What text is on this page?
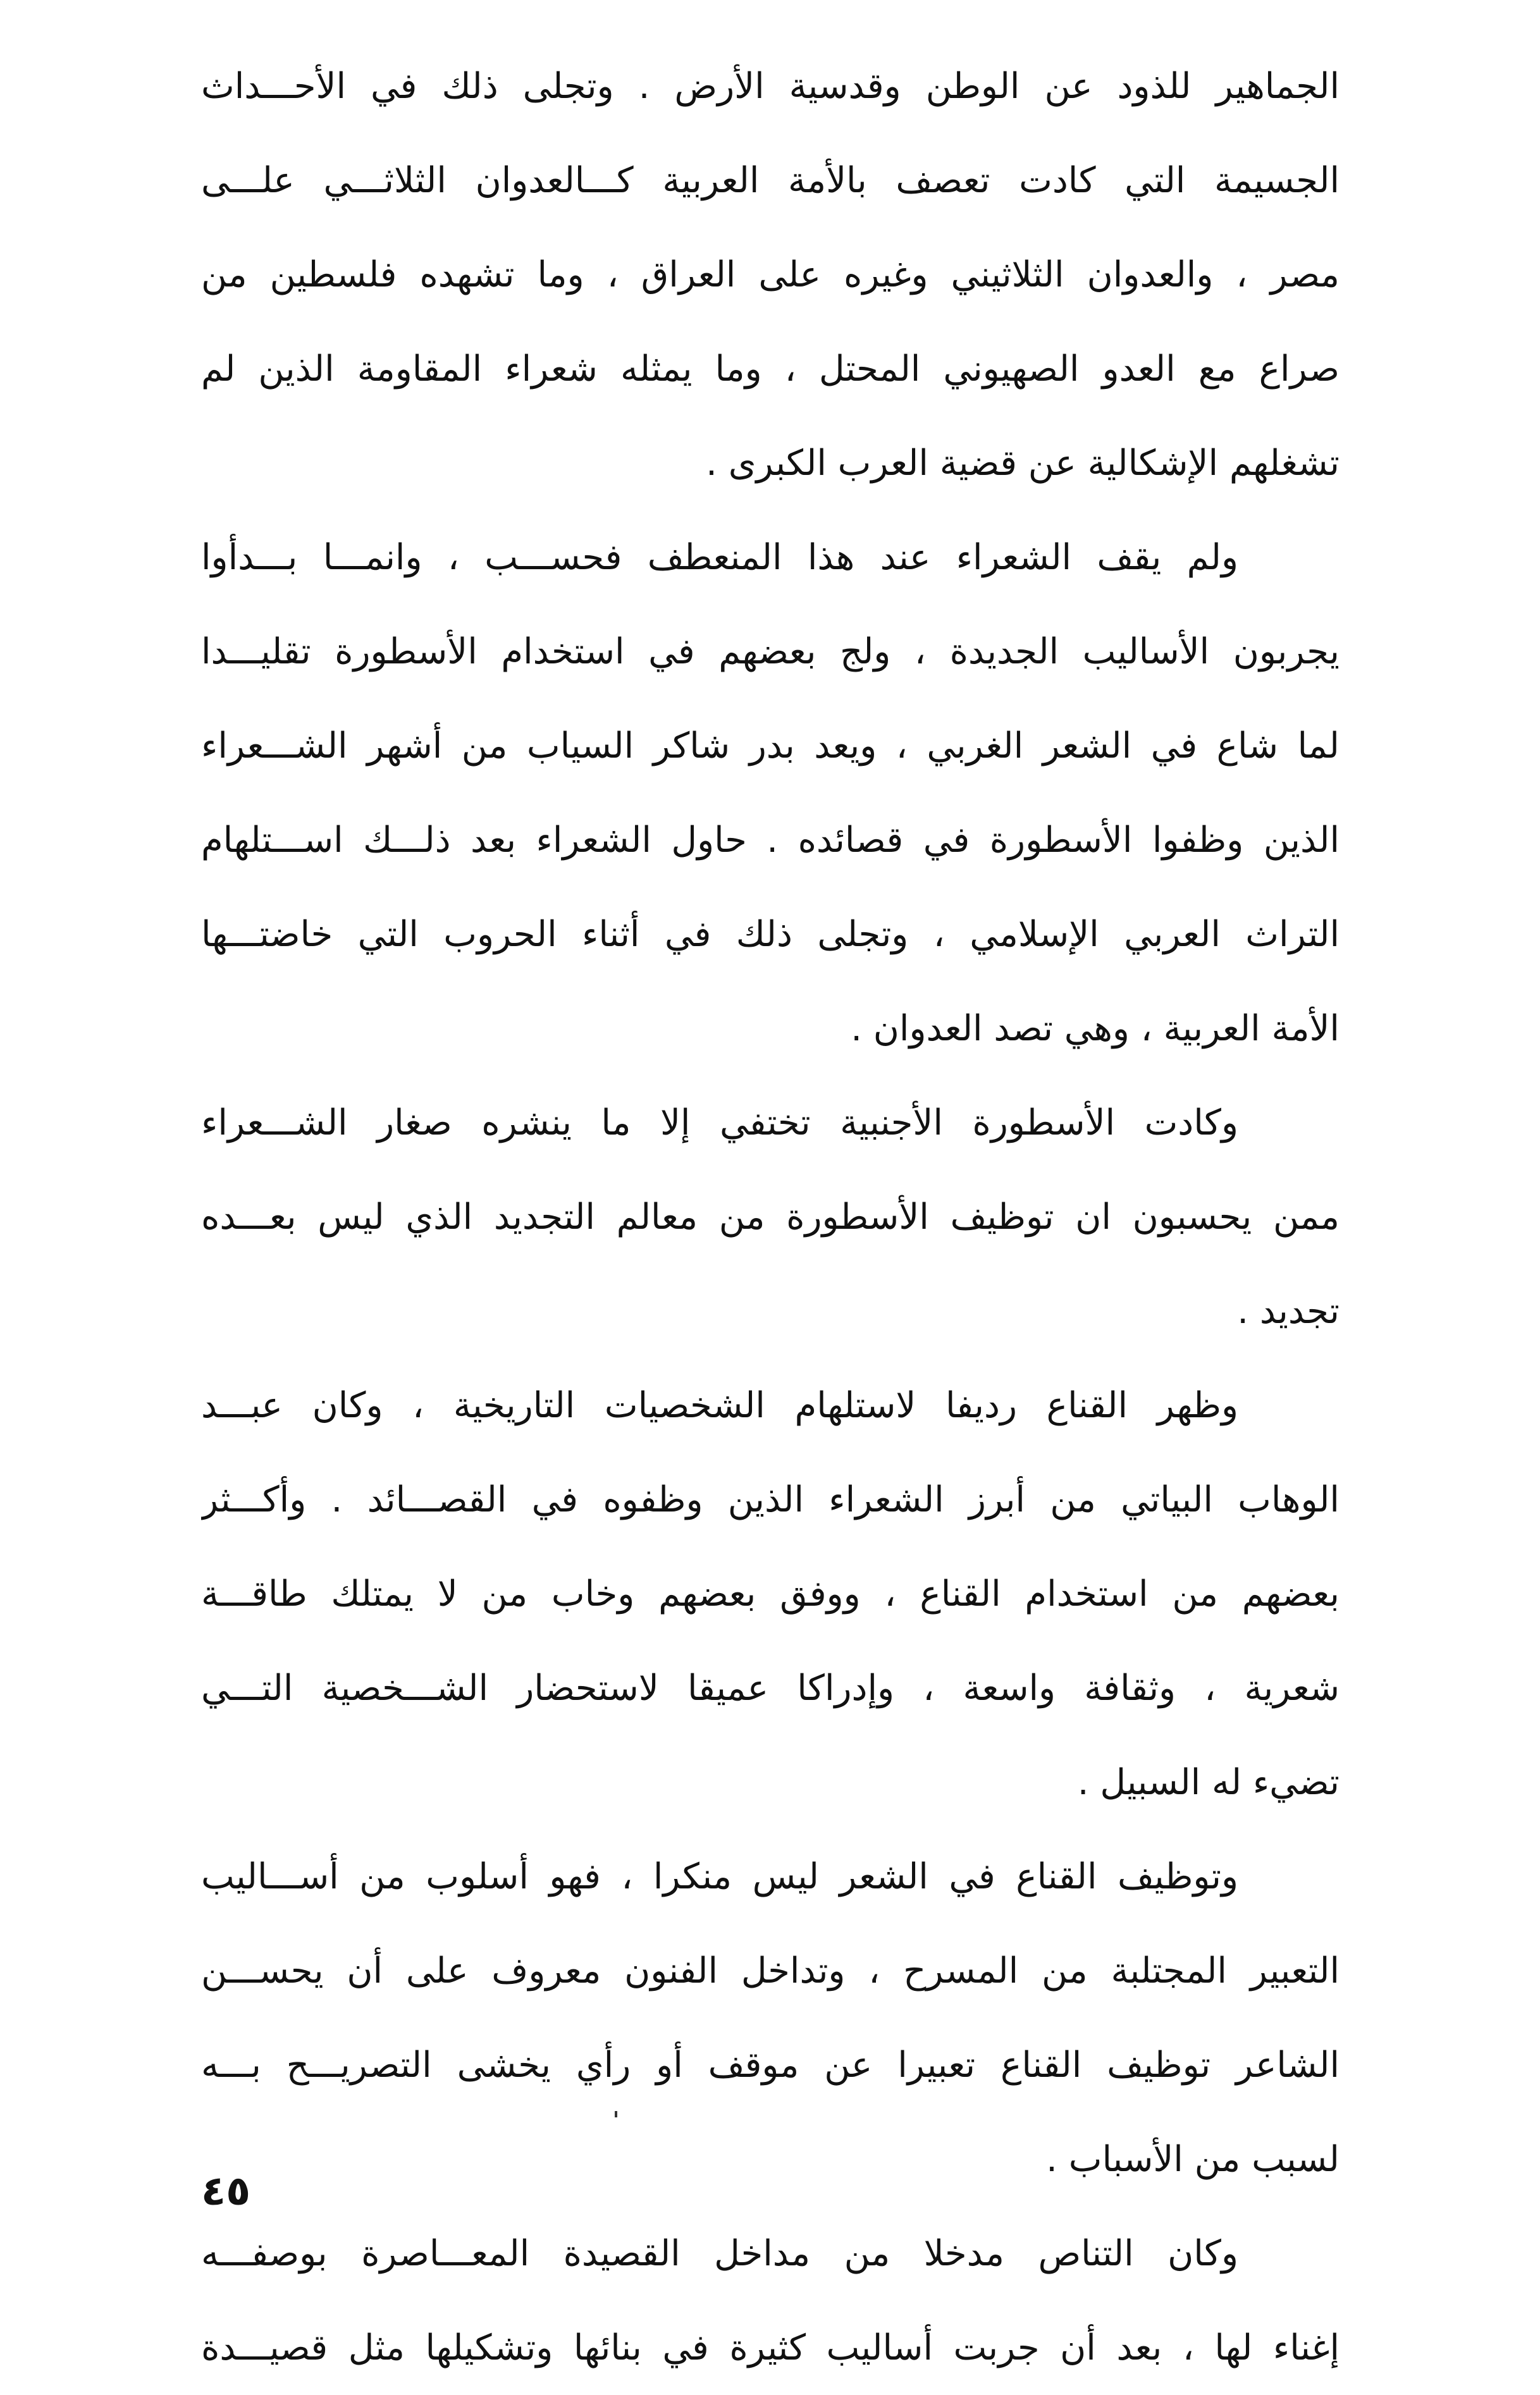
الجماهير للذود عن الوطن وقدسية الأرض . وتجلى ذلك في الأحـــداث
الجسيمة التي كادت تعصف بالأمة العربية كـــالعدوان الثلاثـــي علـــى
مصر ، والعدوان الثلاثيني وغيره على العراق ، وما تشهده فلسطين من
صراع مع العدو الصهيوني المحتل ، وما يمثله شعراء المقاومة الذين لم
تشغلهم الإشكالية عن قضية العرب الكبرى .
ولم يقف الشعراء عند هذا المنعطف فحســـب ، وانمـــا بـــدأوا
يجربون الأساليب الجديدة ، ولج بعضهم في استخدام الأسطورة تقليـــدا
لما شاع في الشعر الغربي ، ويعد بدر شاكر السياب من أشهر الشـــعراء
الذين وظفوا الأسطورة في قصائده . حاول الشعراء بعد ذلـــك اســـتلهام
التراث العربي الإسلامي ، وتجلى ذلك في أثناء الحروب التي خاضتـــها
الأمة العربية ، وهي تصد العدوان .
وكادت الأسطورة الأجنبية تختفي إلا ما ينشره صغار الشـــعراء
ممن يحسبون ان توظيف الأسطورة من معالم التجديد الذي ليس بعـــده
تجديد .
وظهر القناع رديفا لاستلهام الشخصيات التاريخية ، وكان عبـــد
الوهاب البياتي من أبرز الشعراء الذين وظفوه في القصـــائد . وأكـــثر
بعضهم من استخدام القناع ، ووفق بعضهم وخاب من لا يمتلك طاقـــة
شعرية ، وثقافة واسعة ، وإدراكا عميقا لاستحضار الشـــخصية التـــي
تضيء له السبيل .
وتوظيف القناع في الشعر ليس منكرا ، فهو أسلوب من أســـاليب
التعبير المجتلبة من المسرح ، وتداخل الفنون معروف على أن يحســـن
الشاعر توظيف القناع تعبيرا عن موقف أو رأي يخشى التصريـــح بـــه
لسبب من الأسباب .
وكان التناص مدخلا من مداخل القصيدة المعـــاصرة بوصفـــه
إغناء لها ، بعد أن جربت أساليب كثيرة في بنائها وتشكيلها مثل قصيـــدة
٤٥
